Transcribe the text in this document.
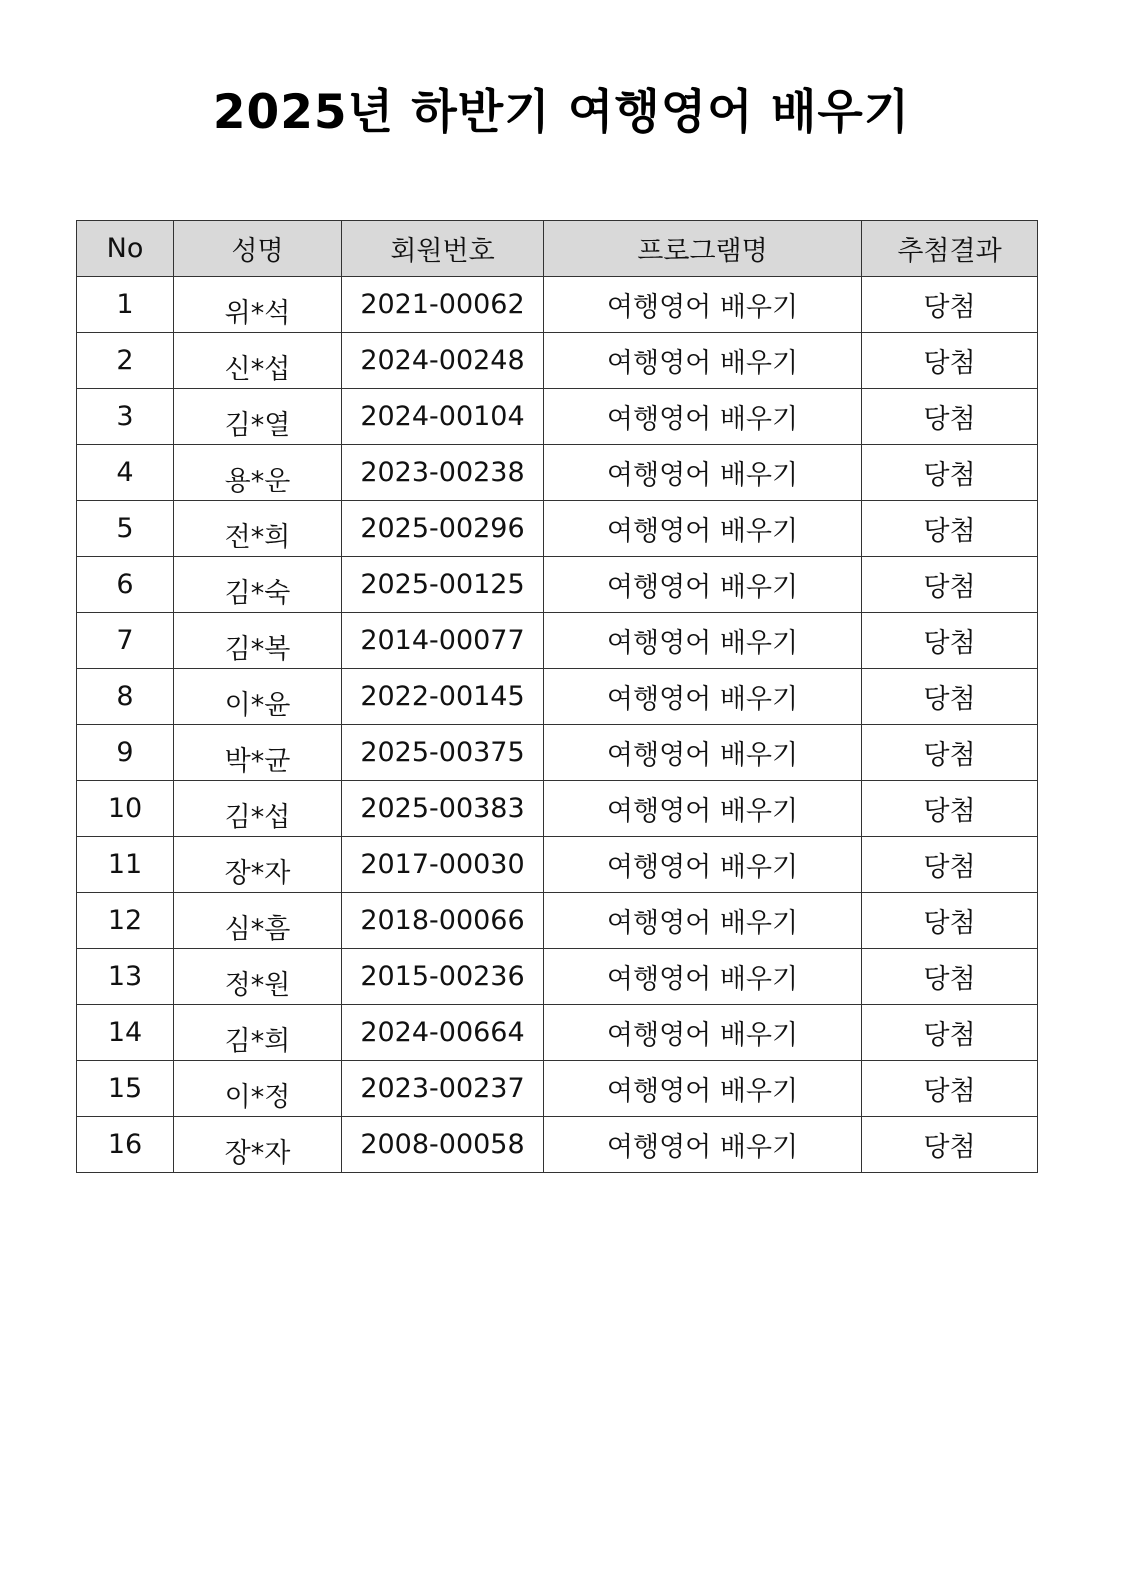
2025년 하반기 여행영어 배우기
No	성명	회원번호	프로그램명	추첨결과
1	위*석	2021-00062	여행영어 배우기	당첨
2	신*섭	2024-00248	여행영어 배우기	당첨
3	김*열	2024-00104	여행영어 배우기	당첨
4	용*운	2023-00238	여행영어 배우기	당첨
5	전*희	2025-00296	여행영어 배우기	당첨
6	김*숙	2025-00125	여행영어 배우기	당첨
7	김*복	2014-00077	여행영어 배우기	당첨
8	이*윤	2022-00145	여행영어 배우기	당첨
9	박*균	2025-00375	여행영어 배우기	당첨
10	김*섭	2025-00383	여행영어 배우기	당첨
11	장*자	2017-00030	여행영어 배우기	당첨
12	심*흠	2018-00066	여행영어 배우기	당첨
13	정*원	2015-00236	여행영어 배우기	당첨
14	김*희	2024-00664	여행영어 배우기	당첨
15	이*정	2023-00237	여행영어 배우기	당첨
16	장*자	2008-00058	여행영어 배우기	당첨
